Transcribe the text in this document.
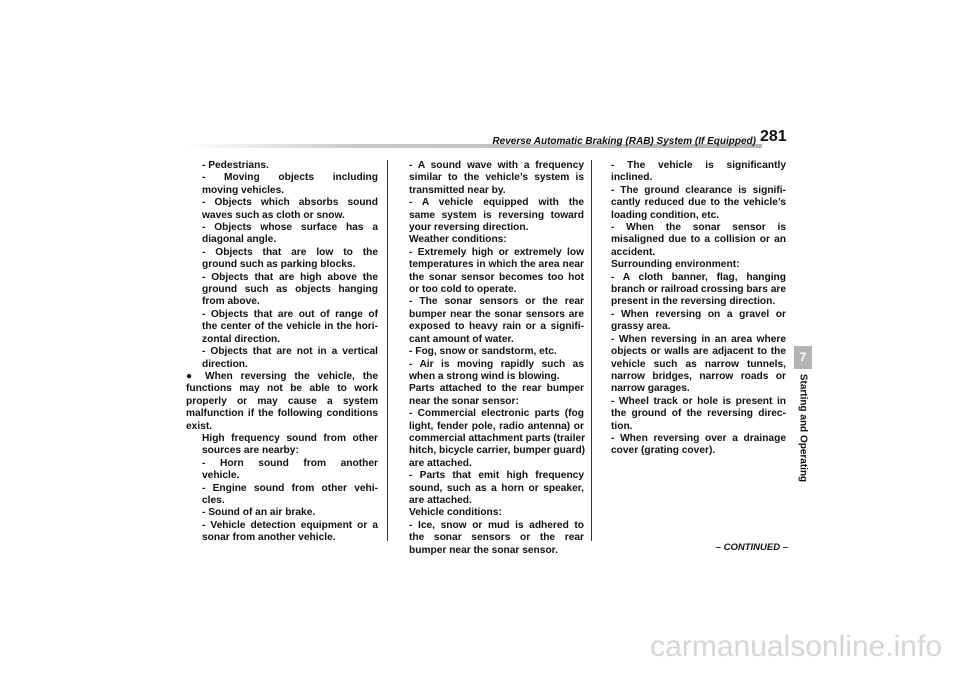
Reverse Automatic Braking (RAB) System (If Equipped) 281
- Pedestrians.
- Moving objects including
moving vehicles.
- Objects which absorbs sound
waves such as cloth or snow.
- Objects whose surface has a
diagonal angle.
- Objects that are low to the
ground such as parking blocks.
- Objects that are high above the
ground such as objects hanging
from above.
- Objects that are out of range of
the center of the vehicle in the hori-
zontal direction.
- Objects that are not in a vertical
direction.
● When reversing the vehicle, the
functions may not be able to work
properly or may cause a system
malfunction if the following conditions
exist.
High frequency sound from other
sources are nearby:
- Horn sound from another
vehicle.
- Engine sound from other vehi-
cles.
- Sound of an air brake.
- Vehicle detection equipment or a
sonar from another vehicle.
- A sound wave with a frequency
similar to the vehicle’s system is
transmitted near by.
- A vehicle equipped with the
same system is reversing toward
your reversing direction.
Weather conditions:
- Extremely high or extremely low
temperatures in which the area near
the sonar sensor becomes too hot
or too cold to operate.
- The sonar sensors or the rear
bumper near the sonar sensors are
exposed to heavy rain or a signifi-
cant amount of water.
- Fog, snow or sandstorm, etc.
- Air is moving rapidly such as
when a strong wind is blowing.
Parts attached to the rear bumper
near the sonar sensor:
- Commercial electronic parts (fog
light, fender pole, radio antenna) or
commercial attachment parts (trailer
hitch, bicycle carrier, bumper guard)
are attached.
- Parts that emit high frequency
sound, such as a horn or speaker,
are attached.
Vehicle conditions:
- Ice, snow or mud is adhered to
the sonar sensors or the rear
bumper near the sonar sensor.
- The vehicle is significantly
inclined.
- The ground clearance is signifi-
cantly reduced due to the vehicle’s
loading condition, etc.
- When the sonar sensor is
misaligned due to a collision or an
accident.
Surrounding environment:
- A cloth banner, flag, hanging
branch or railroad crossing bars are
present in the reversing direction.
- When reversing on a gravel or
grassy area.
- When reversing in an area where
objects or walls are adjacent to the
vehicle such as narrow tunnels,
narrow bridges, narrow roads or
narrow garages.
- Wheel track or hole is present in
the ground of the reversing direc-
tion.
- When reversing over a drainage
cover (grating cover).
7
Starting and Operating
– CONTINUED –
carmanualsonline.info
